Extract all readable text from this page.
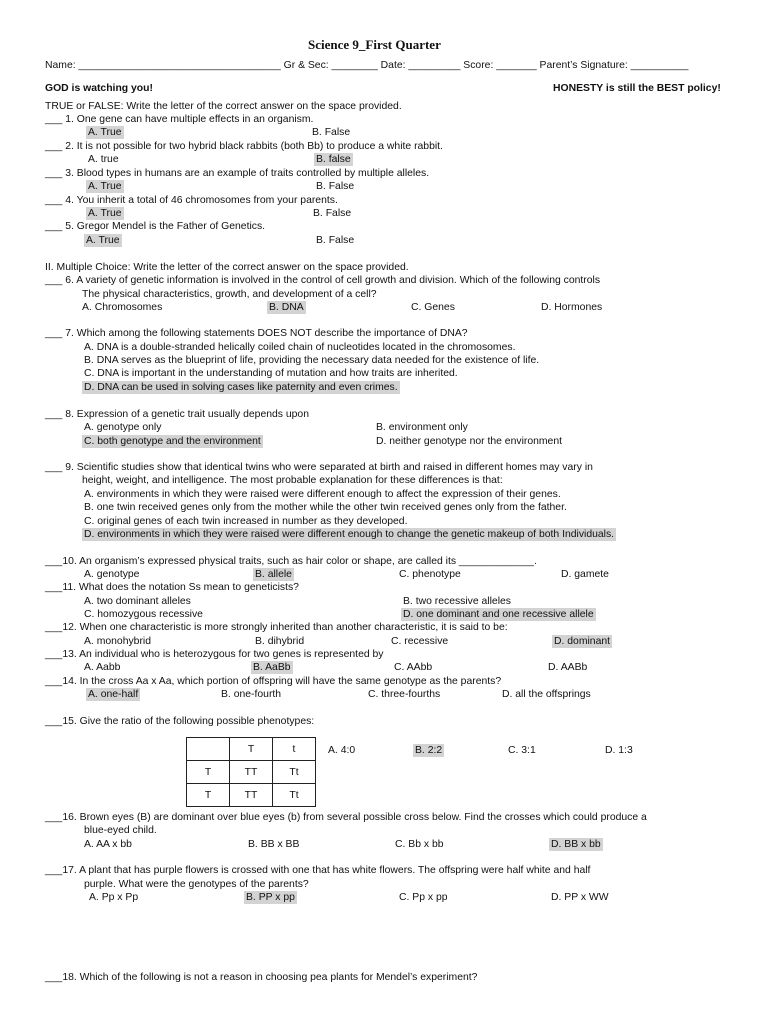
Science 9_First Quarter
Name: ___________________________________ Gr & Sec: ________ Date: _________ Score: _______ Parent’s Signature: __________
GOD is watching you!	HONESTY is still the BEST policy!
TRUE or FALSE: Write the letter of the correct answer on the space provided.
___ 1. One gene can have multiple effects in an organism.
A. True	B. False
___ 2. It is not possible for two hybrid black rabbits (both Bb) to produce a white rabbit.
A. true	B. false
___ 3. Blood types in humans are an example of traits controlled by multiple alleles.
A. True	B. False
___ 4. You inherit a total of 46 chromosomes from your parents.
A. True	B. False
___ 5. Gregor Mendel is the Father of Genetics.
A. True	B. False
II. Multiple Choice: Write the letter of the correct answer on the space provided.
___ 6. A variety of genetic information is involved in the control of cell growth and division. Which of the following controls
The physical characteristics, growth, and development of a cell?
A. Chromosomes	B. DNA	C. Genes	D. Hormones
___ 7. Which among the following statements DOES NOT describe the importance of DNA?
A. DNA is a double-stranded helically coiled chain of nucleotides located in the chromosomes.
B. DNA serves as the blueprint of life, providing the necessary data needed for the existence of life.
C. DNA is important in the understanding of mutation and how traits are inherited.
D. DNA can be used in solving cases like paternity and even crimes.
___ 8. Expression of a genetic trait usually depends upon
A. genotype only	B. environment only
C. both genotype and the environment	D. neither genotype nor the environment
___ 9. Scientific studies show that identical twins who were separated at birth and raised in different homes may vary in
height, weight, and intelligence. The most probable explanation for these differences is that:
A. environments in which they were raised were different enough to affect the expression of their genes.
B. one twin received genes only from the mother while the other twin received genes only from the father.
C. original genes of each twin increased in number as they developed.
D. environments in which they were raised were different enough to change the genetic makeup of both Individuals.
___10. An organism’s expressed physical traits, such as hair color or shape, are called its _____________.
A. genotype	B. allele	C. phenotype	D. gamete
___11. What does the notation Ss mean to geneticists?
A. two dominant alleles	B. two recessive alleles
C. homozygous recessive	D. one dominant and one recessive allele
___12. When one characteristic is more strongly inherited than another characteristic, it is said to be:
A. monohybrid	B. dihybrid	C. recessive	D. dominant
___13. An individual who is heterozygous for two genes is represented by
A. Aabb	B. AaBb	C. AAbb	D. AABb
___14. In the cross Aa x Aa, which portion of offspring will have the same genotype as the parents?
A. one-half	B. one-fourth	C. three-fourths	D. all the offsprings
___15. Give the ratio of the following possible phenotypes:
	T	t
T	TT	Tt
T	TT	Tt
A. 4:0	B. 2:2	C. 3:1	D. 1:3
___16. Brown eyes (B) are dominant over blue eyes (b) from several possible cross below. Find the crosses which could produce a
blue-eyed child.
A. AA x bb	B. BB x BB	C. Bb x bb	D. BB x bb
___17. A plant that has purple flowers is crossed with one that has white flowers. The offspring were half white and half
purple. What were the genotypes of the parents?
A. Pp x Pp	B. PP x pp	C. Pp x pp	D. PP x WW
___18. Which of the following is not a reason in choosing pea plants for Mendel’s experiment?
